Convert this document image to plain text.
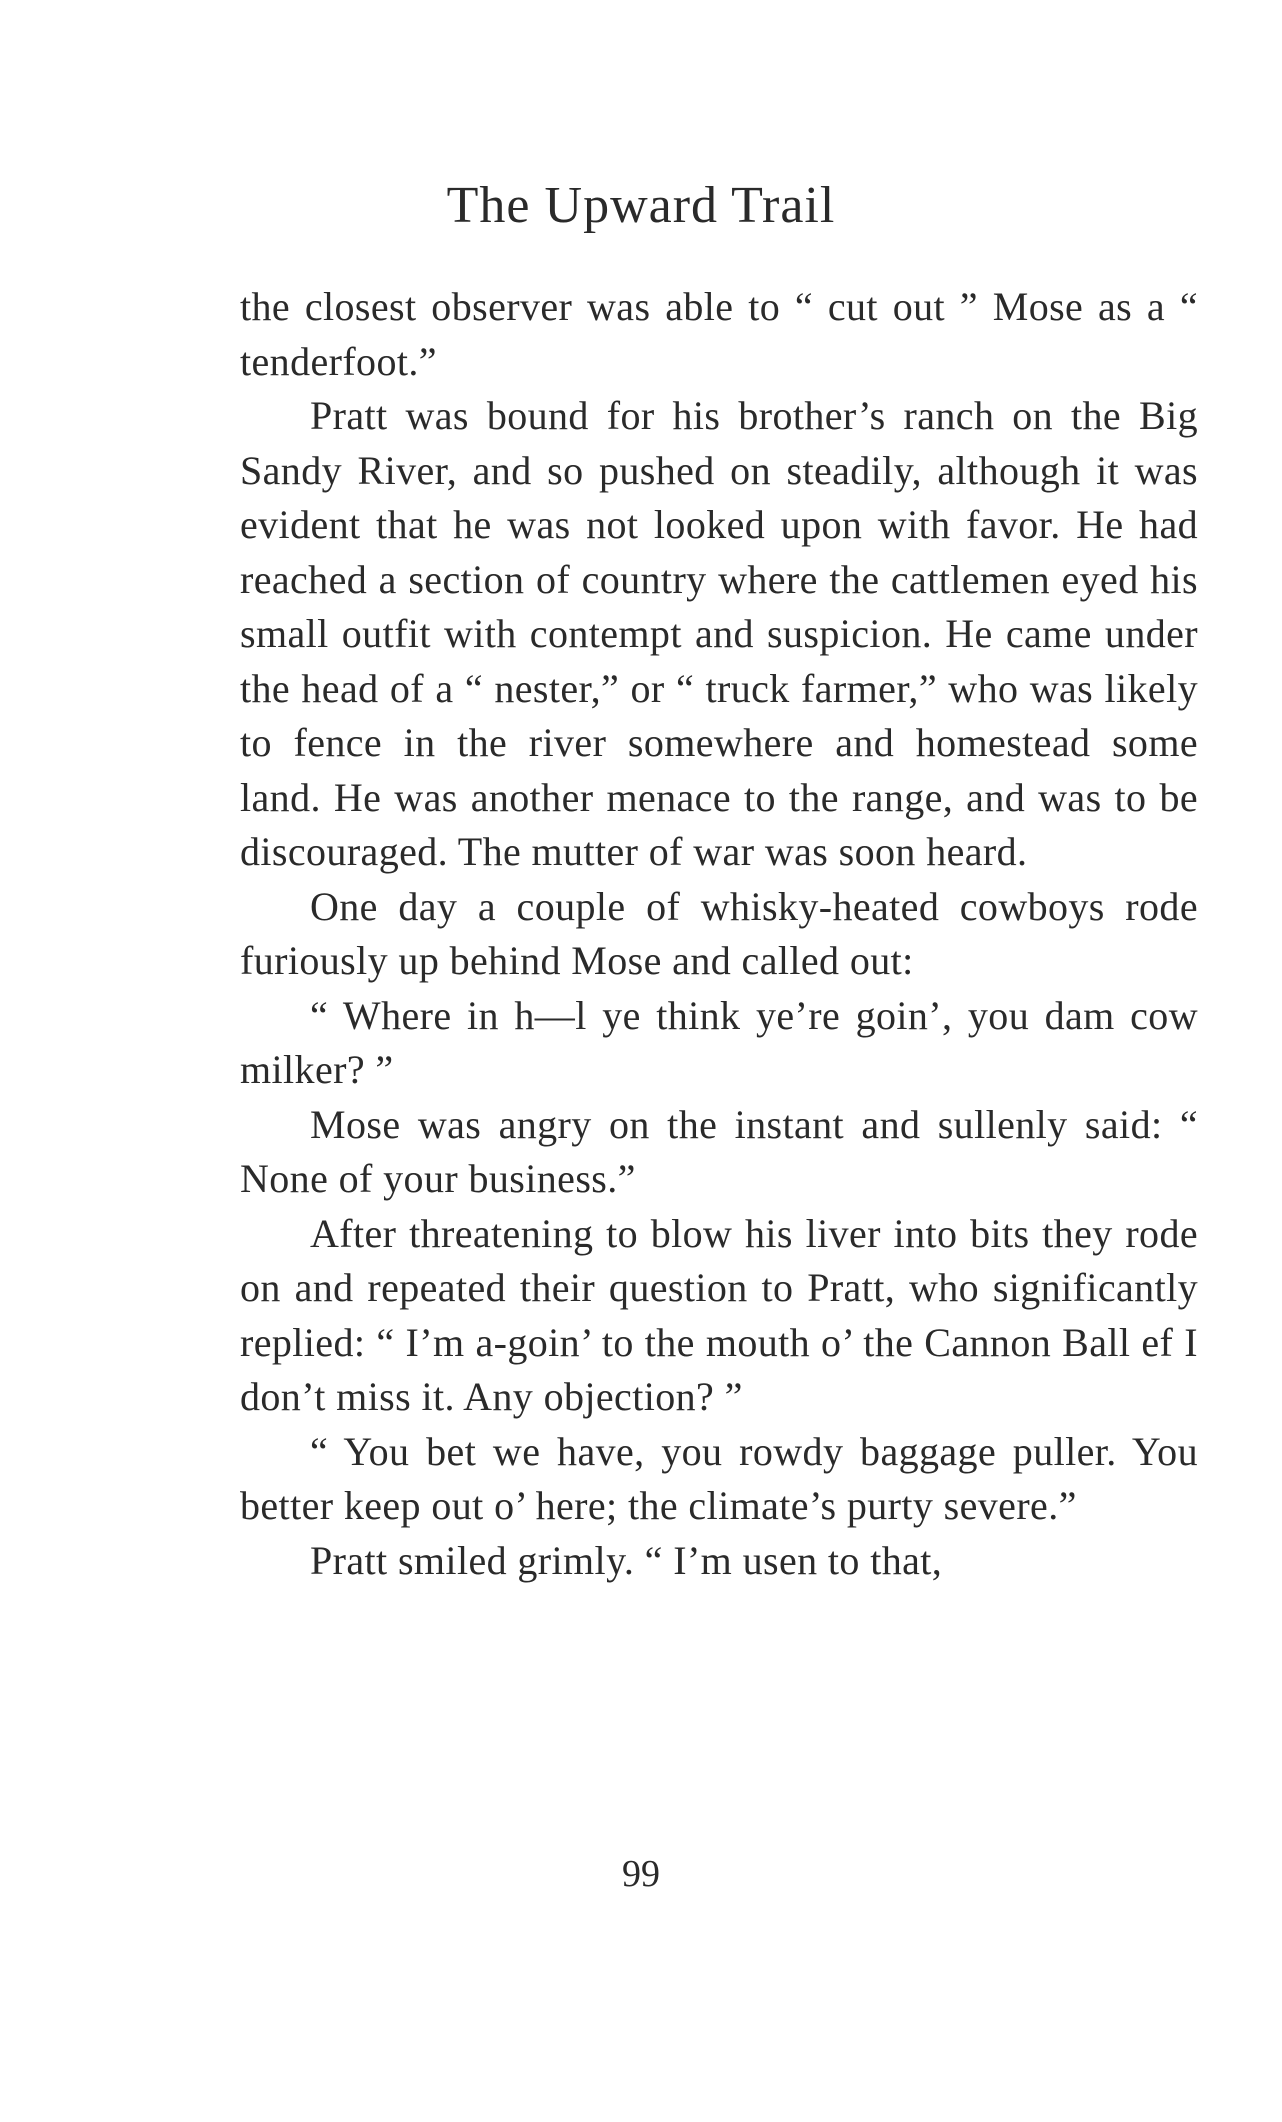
The Upward Trail

the closest observer was able to “ cut out ” Mose as a “ tenderfoot.”

Pratt was bound for his brother’s ranch on the Big Sandy River, and so pushed on steadily, although it was evident that he was not looked upon with favor. He had reached a section of country where the cattlemen eyed his small outfit with contempt and suspicion. He came under the head of a “ nester,” or “ truck farmer,” who was likely to fence in the river somewhere and homestead some land. He was another menace to the range, and was to be discouraged. The mutter of war was soon heard.

One day a couple of whisky-heated cowboys rode furiously up behind Mose and called out:

“ Where in h—l ye think ye’re goin’, you dam cow milker? ”

Mose was angry on the instant and sullenly said: “ None of your business.”

After threatening to blow his liver into bits they rode on and repeated their question to Pratt, who significantly replied: “ I’m a-goin’ to the mouth o’ the Cannon Ball ef I don’t miss it. Any objection? ”

“ You bet we have, you rowdy baggage puller. You better keep out o’ here; the climate’s purty severe.”

Pratt smiled grimly. “ I’m usen to that,

99
